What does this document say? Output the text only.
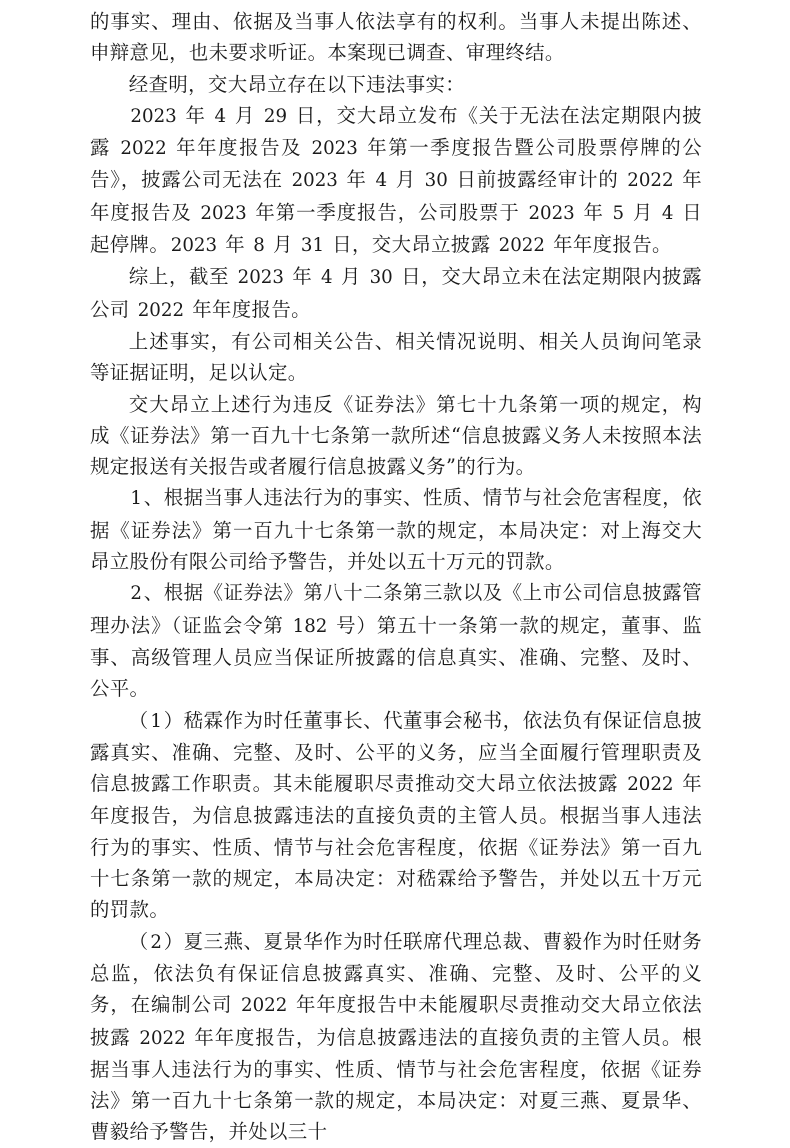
的事实、理由、依据及当事人依法享有的权利。当事人未提出陈述、申辩意见，也未要求听证。本案现已调查、审理终结。

经查明，交大昂立存在以下违法事实：

2023 年 4 月 29 日，交大昂立发布《关于无法在法定期限内披露 2022 年年度报告及 2023 年第一季度报告暨公司股票停牌的公告》，披露公司无法在 2023 年 4 月 30 日前披露经审计的 2022 年年度报告及 2023 年第一季度报告，公司股票于 2023 年 5 月 4 日起停牌。2023 年 8 月 31 日，交大昂立披露 2022 年年度报告。

综上，截至 2023 年 4 月 30 日，交大昂立未在法定期限内披露公司 2022 年年度报告。

上述事实，有公司相关公告、相关情况说明、相关人员询问笔录等证据证明，足以认定。

交大昂立上述行为违反《证券法》第七十九条第一项的规定，构成《证券法》第一百九十七条第一款所述“信息披露义务人未按照本法规定报送有关报告或者履行信息披露义务”的行为。

1、根据当事人违法行为的事实、性质、情节与社会危害程度，依据《证券法》第一百九十七条第一款的规定，本局决定：对上海交大昂立股份有限公司给予警告，并处以五十万元的罚款。

2、根据《证券法》第八十二条第三款以及《上市公司信息披露管理办法》（证监会令第 182 号）第五十一条第一款的规定，董事、监事、高级管理人员应当保证所披露的信息真实、准确、完整、及时、公平。

（1）嵇霖作为时任董事长、代董事会秘书，依法负有保证信息披露真实、准确、完整、及时、公平的义务，应当全面履行管理职责及信息披露工作职责。其未能履职尽责推动交大昂立依法披露 2022 年年度报告，为信息披露违法的直接负责的主管人员。根据当事人违法行为的事实、性质、情节与社会危害程度，依据《证券法》第一百九十七条第一款的规定，本局决定：对嵇霖给予警告，并处以五十万元的罚款。

（2）夏三燕、夏景华作为时任联席代理总裁、曹毅作为时任财务总监，依法负有保证信息披露真实、准确、完整、及时、公平的义务，在编制公司 2022 年年度报告中未能履职尽责推动交大昂立依法披露 2022 年年度报告，为信息披露违法的直接负责的主管人员。根据当事人违法行为的事实、性质、情节与社会危害程度，依据《证券法》第一百九十七条第一款的规定，本局决定：对夏三燕、夏景华、曹毅给予警告，并处以三十
